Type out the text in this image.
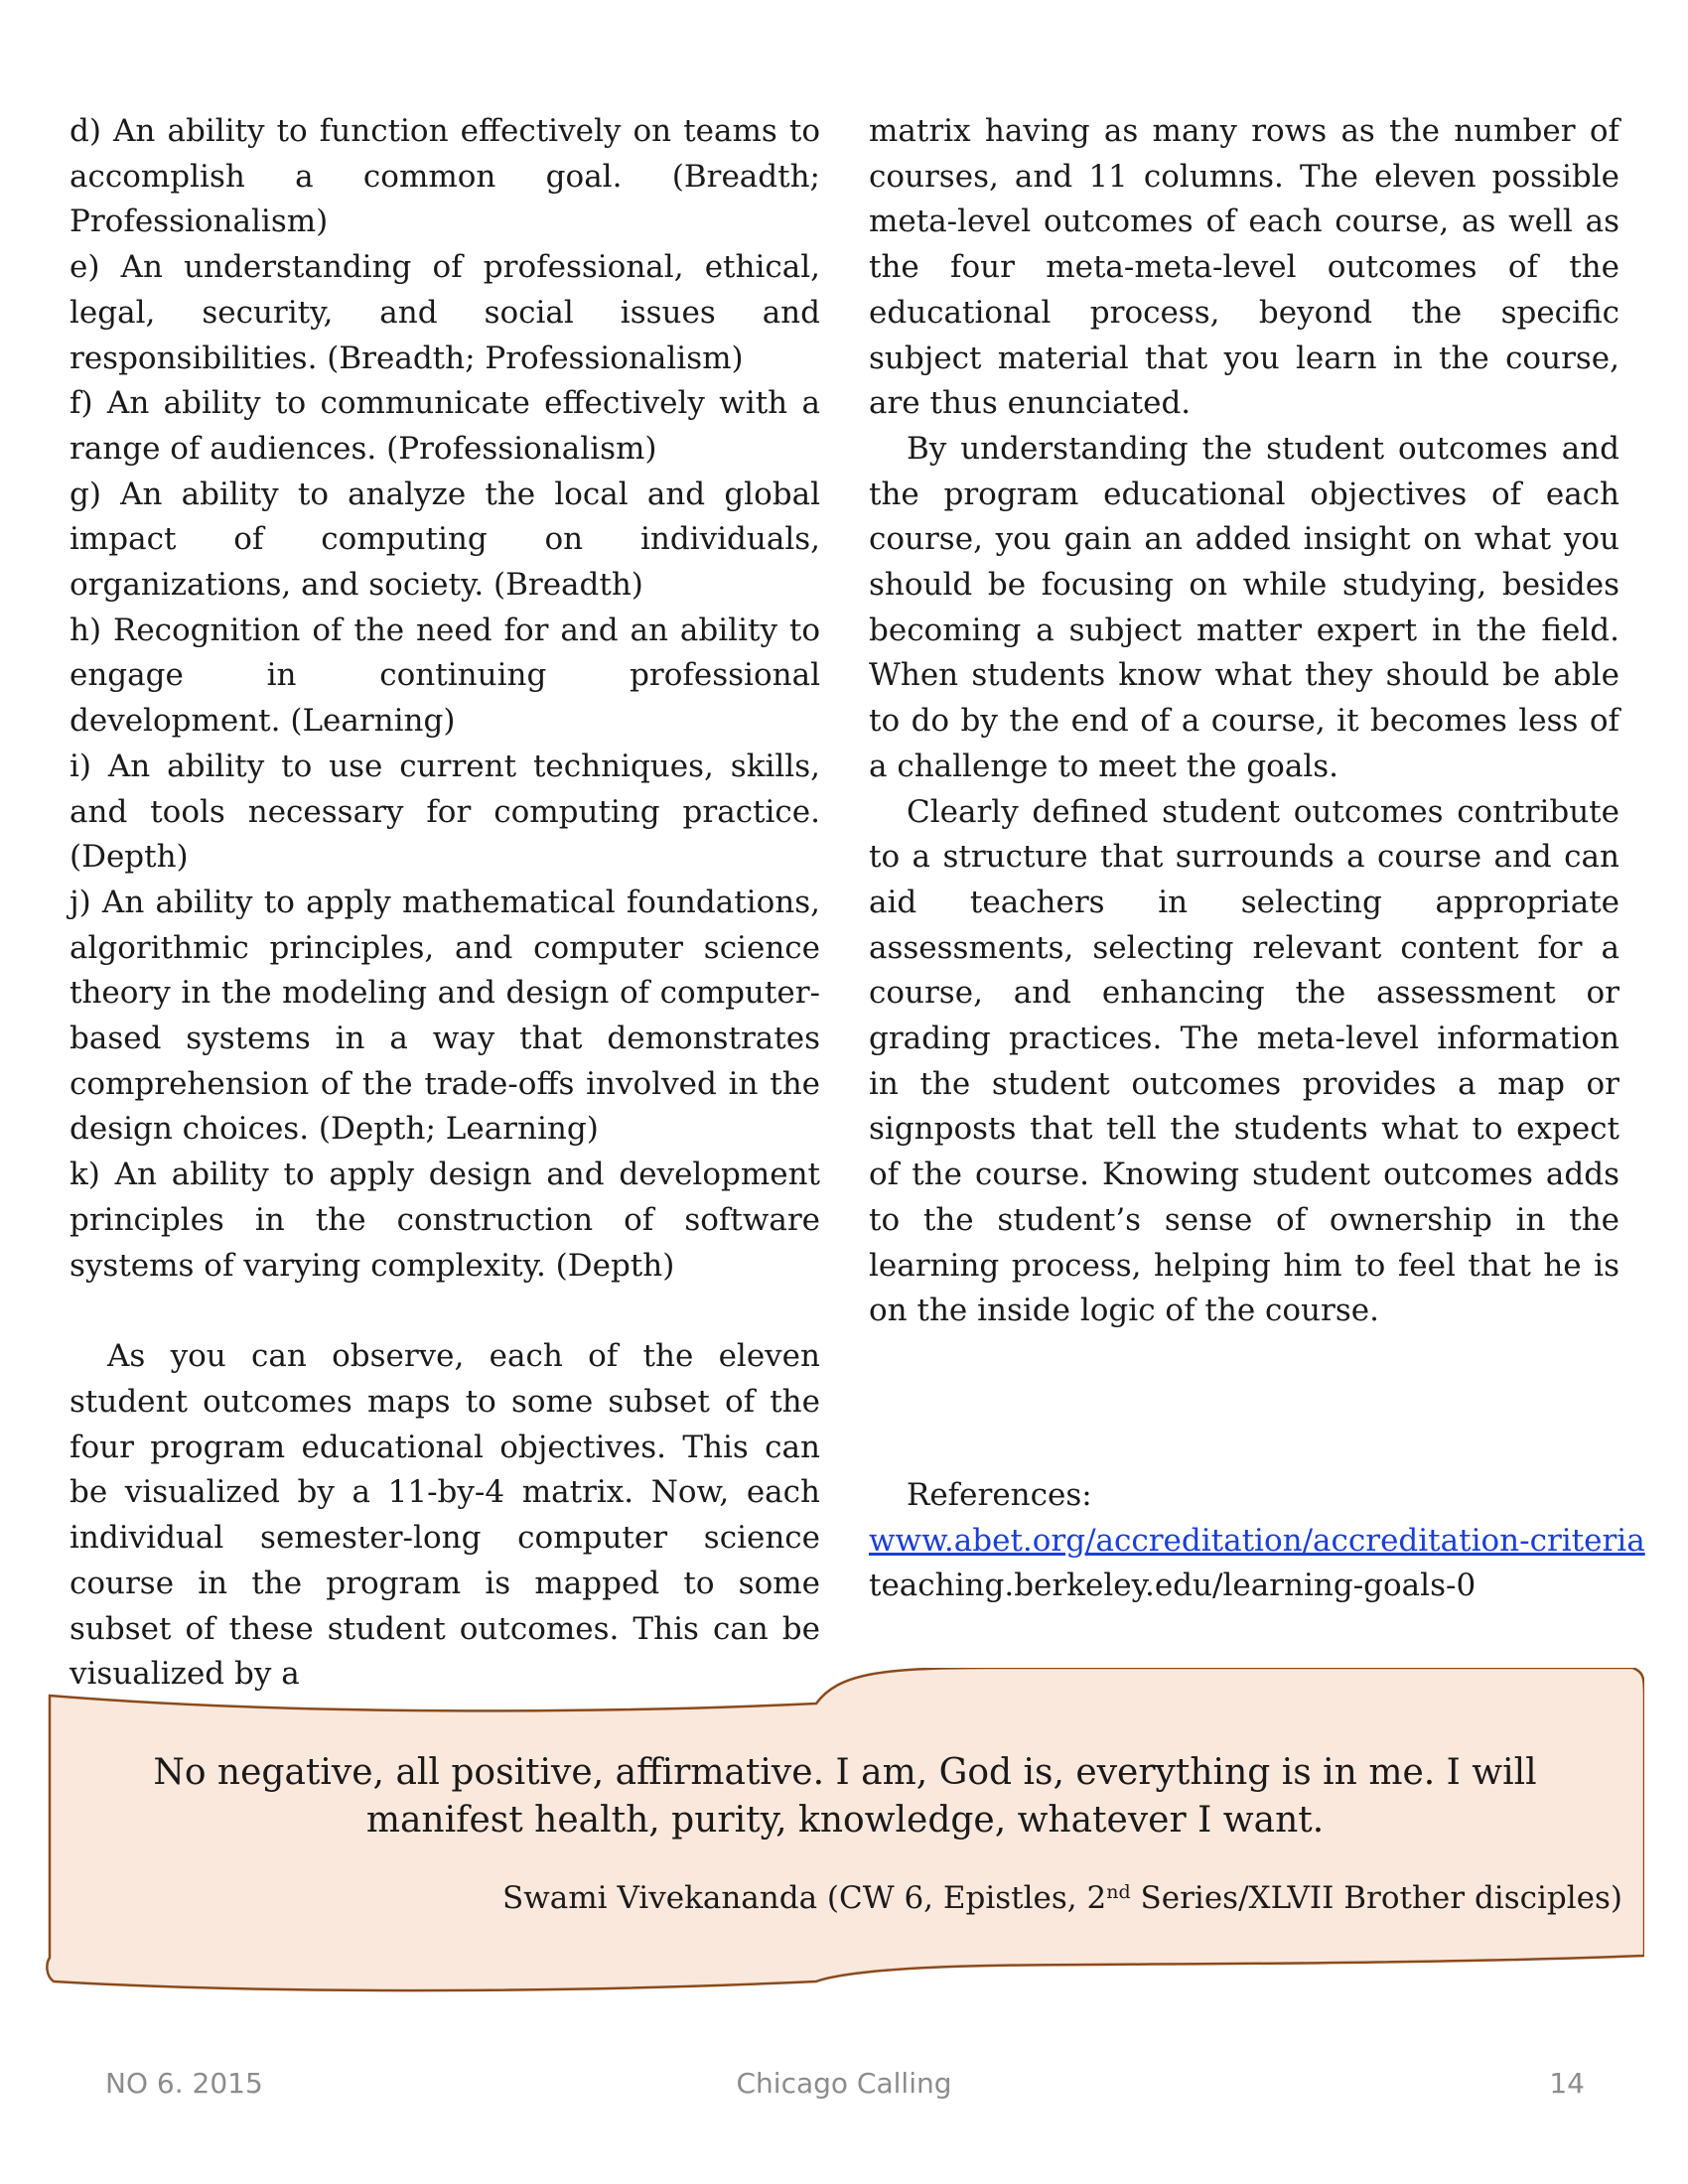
d) An ability to function effectively on teams to accomplish a common goal. (Breadth; Professionalism)

e) An understanding of professional, ethical, legal, security, and social issues and responsibilities. (Breadth; Professionalism)

f) An ability to communicate effectively with a range of audiences. (Professionalism)

g) An ability to analyze the local and global impact of computing on individuals, organizations, and society. (Breadth)

h) Recognition of the need for and an ability to engage in continuing professional development. (Learning)

i) An ability to use current techniques, skills, and tools necessary for computing practice. (Depth)

j) An ability to apply mathematical foundations, algorithmic principles, and computer science theory in the modeling and design of computer-based systems in a way that demonstrates comprehension of the trade-offs involved in the design choices. (Depth; Learning)

k) An ability to apply design and development principles in the construction of software systems of varying complexity. (Depth)

As you can observe, each of the eleven student outcomes maps to some subset of the four program educational objectives. This can be visualized by a 11-by-4 matrix. Now, each individual semester-long computer science course in the program is mapped to some subset of these student outcomes. This can be visualized by a

matrix having as many rows as the number of courses, and 11 columns. The eleven possible meta-level outcomes of each course, as well as the four meta-meta-level outcomes of the educational process, beyond the specific subject material that you learn in the course, are thus enunciated.

By understanding the student outcomes and the program educational objectives of each course, you gain an added insight on what you should be focusing on while studying, besides becoming a subject matter expert in the field. When students know what they should be able to do by the end of a course, it becomes less of a challenge to meet the goals.

Clearly defined student outcomes contribute to a structure that surrounds a course and can aid teachers in selecting appropriate assessments, selecting relevant content for a course, and enhancing the assessment or grading practices. The meta-level information in the student outcomes provides a map or signposts that tell the students what to expect of the course. Knowing student outcomes adds to the student’s sense of ownership in the learning process, helping him to feel that he is on the inside logic of the course.

References:

www.abet.org/accreditation/accreditation-criteria

teaching.berkeley.edu/learning-goals-0

No negative, all positive, affirmative. I am, God is, everything is in me. I will manifest health, purity, knowledge, whatever I want.
Swami Vivekananda (CW 6, Epistles, 2nd Series/XLVII Brother disciples)
NO 6. 2015	Chicago Calling	14
